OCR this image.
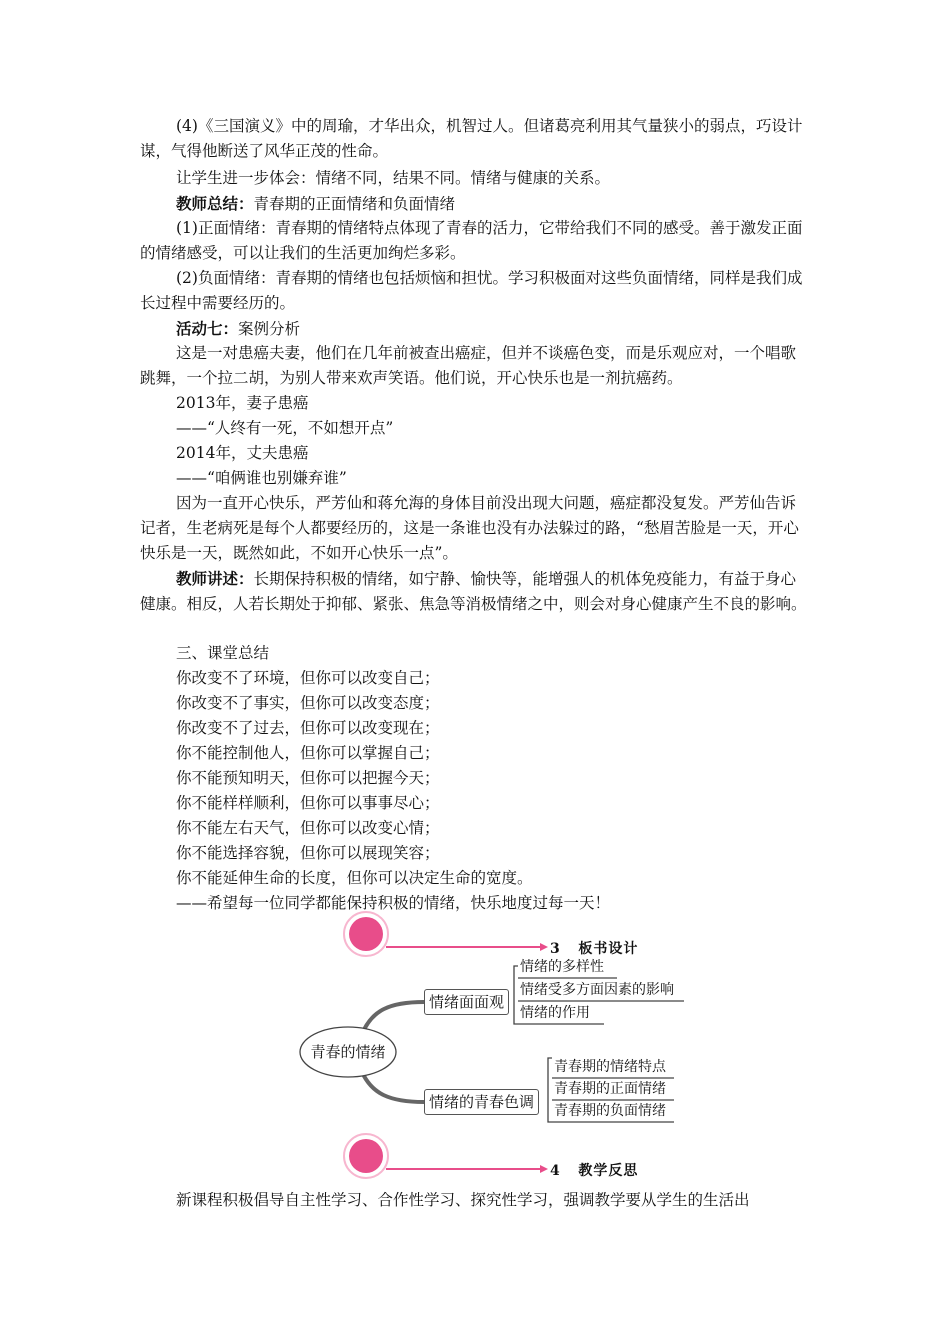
(4)《三国演义》中的周瑜，才华出众，机智过人。但诸葛亮利用其气量狭小的弱点，巧设计谋，气得他断送了风华正茂的性命。

让学生进一步体会：情绪不同，结果不同。情绪与健康的关系。

教师总结：青春期的正面情绪和负面情绪

(1)正面情绪：青春期的情绪特点体现了青春的活力，它带给我们不同的感受。善于激发正面的情绪感受，可以让我们的生活更加绚烂多彩。

(2)负面情绪：青春期的情绪也包括烦恼和担忧。学习积极面对这些负面情绪，同样是我们成长过程中需要经历的。

活动七：案例分析

这是一对患癌夫妻，他们在几年前被查出癌症，但并不谈癌色变，而是乐观应对，一个唱歌跳舞，一个拉二胡，为别人带来欢声笑语。他们说，开心快乐也是一剂抗癌药。

2013年，妻子患癌

——“人终有一死，不如想开点”

2014年，丈夫患癌

——“咱俩谁也别嫌弃谁”

因为一直开心快乐，严芳仙和蒋允海的身体目前没出现大问题，癌症都没复发。严芳仙告诉记者，生老病死是每个人都要经历的，这是一条谁也没有办法躲过的路，“愁眉苦脸是一天，开心快乐是一天，既然如此，不如开心快乐一点”。

教师讲述：长期保持积极的情绪，如宁静、愉快等，能增强人的机体免疫能力，有益于身心健康。相反，人若长期处于抑郁、紧张、焦急等消极情绪之中，则会对身心健康产生不良的影响。

三、课堂总结

你改变不了环境，但你可以改变自己；

你改变不了事实，但你可以改变态度；

你改变不了过去，但你可以改变现在；

你不能控制他人，但你可以掌握自己；

你不能预知明天，但你可以把握今天；

你不能样样顺利，但你可以事事尽心；

你不能左右天气，但你可以改变心情；

你不能选择容貌，但你可以展现笑容；

你不能延伸生命的长度，但你可以决定生命的宽度。

——希望每一位同学都能保持积极的情绪，快乐地度过每一天！

3 板书设计
4 教学反思
青春的情绪
情绪面面观
情绪的青春色调
情绪的多样性
情绪受多方面因素的影响
情绪的作用
青春期的情绪特点
青春期的正面情绪
青春期的负面情绪

新课程积极倡导自主性学习、合作性学习、探究性学习，强调教学要从学生的生活出
